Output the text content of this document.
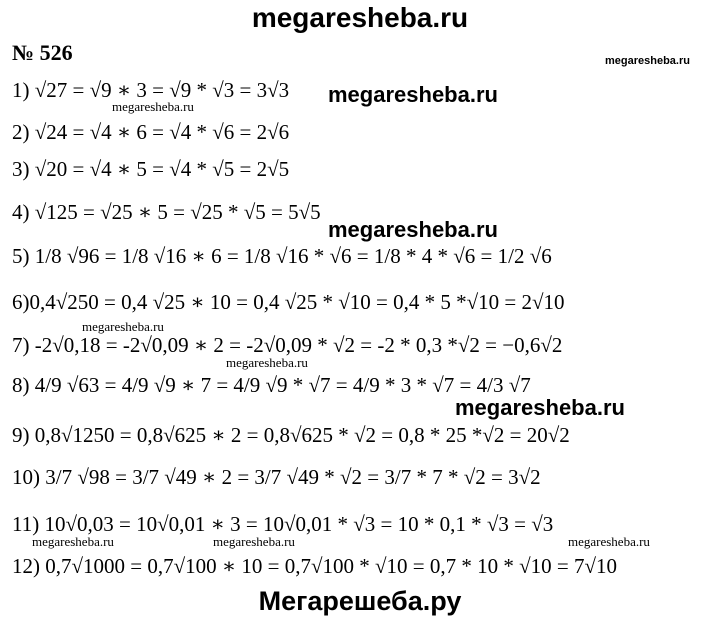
megaresheba.ru
№ 526	megaresheba.ru
1) √27 = √9 ∗ 3 = √9 * √3 = 3√3
2) √24 = √4 ∗ 6 = √4 * √6 = 2√6
3) √20 = √4 ∗ 5 = √4 * √5 = 2√5
4) √125 = √25 ∗ 5 = √25 * √5 = 5√5
5) 1/8 √96 = 1/8 √16 ∗ 6 = 1/8 √16 * √6 = 1/8 * 4 * √6 = 1/2 √6
6)0,4√250 = 0,4 √25 ∗ 10 = 0,4 √25 * √10 = 0,4 * 5 *√10 = 2√10
7) -2√0,18 = -2√0,09 ∗ 2 = -2√0,09 * √2 = -2 * 0,3 *√2 = −0,6√2
8) 4/9 √63 = 4/9 √9 ∗ 7 = 4/9 √9 * √7 = 4/9 * 3 * √7 = 4/3 √7
9) 0,8√1250 = 0,8√625 ∗ 2 = 0,8√625 * √2 = 0,8 * 25 *√2 = 20√2
10) 3/7 √98 = 3/7 √49 ∗ 2 = 3/7 √49 * √2 = 3/7 * 7 * √2 = 3√2
11) 10√0,03 = 10√0,01 ∗ 3 = 10√0,01 * √3 = 10 * 0,1 * √3 = √3
12) 0,7√1000 = 0,7√100 ∗ 10 = 0,7√100 * √10 = 0,7 * 10 * √10 = 7√10
megaresheba.ru
megaresheba.ru
megaresheba.ru
megaresheba.ru
megaresheba.ru
megaresheba.ru
megaresheba.ru	megaresheba.ru	megaresheba.ru
Мегарешеба.ру
